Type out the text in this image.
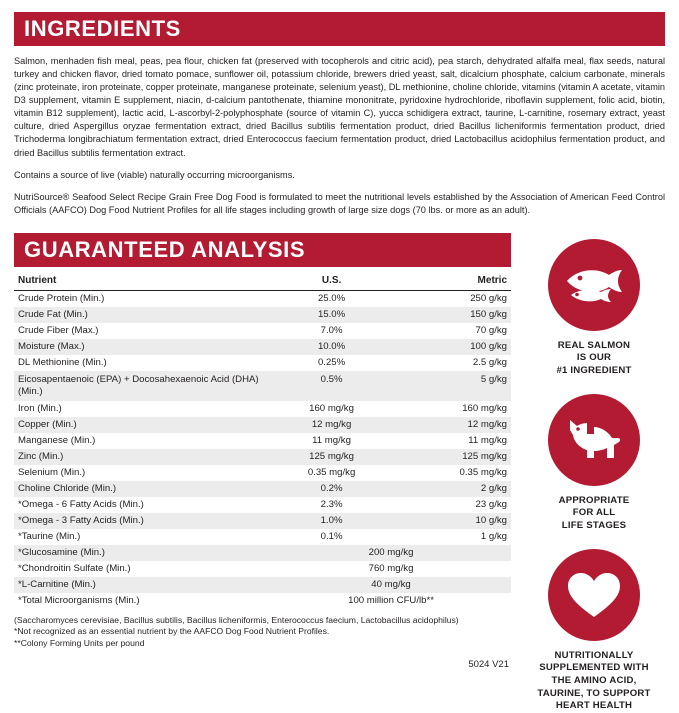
INGREDIENTS

Salmon, menhaden fish meal, peas, pea flour, chicken fat (preserved with tocopherols and citric acid), pea starch, dehydrated alfalfa meal, flax seeds, natural turkey and chicken flavor, dried tomato pomace, sunflower oil, potassium chloride, brewers dried yeast, salt, dicalcium phosphate, calcium carbonate, minerals (zinc proteinate, iron proteinate, copper proteinate, manganese proteinate, selenium yeast), DL methionine, choline chloride, vitamins (vitamin A acetate, vitamin D3 supplement, vitamin E supplement, niacin, d-calcium pantothenate, thiamine mononitrate, pyridoxine hydrochloride, riboflavin supplement, folic acid, biotin, vitamin B12 supplement), lactic acid, L-ascorbyl-2-polyphosphate (source of vitamin C), yucca schidigera extract, taurine, L-carnitine, rosemary extract, yeast culture, dried Aspergillus oryzae fermentation extract, dried Bacillus subtilis fermentation product, dried Bacillus licheniformis fermentation product, dried Trichoderma longibrachiatum fermentation extract, dried Enterococcus faecium fermentation product, dried Lactobacillus acidophilus fermentation product, and dried Bacillus subtilis fermentation extract.

Contains a source of live (viable) naturally occurring microorganisms.

NutriSource® Seafood Select Recipe Grain Free Dog Food is formulated to meet the nutritional levels established by the Association of American Feed Control Officials (AAFCO) Dog Food Nutrient Profiles for all life stages including growth of large size dogs (70 lbs. or more as an adult).

GUARANTEED ANALYSIS
Nutrient	U.S.	Metric
Crude Protein (Min.)	25.0%	250 g/kg
Crude Fat (Min.)	15.0%	150 g/kg
Crude Fiber (Max.)	7.0%	70 g/kg
Moisture (Max.)	10.0%	100 g/kg
DL Methionine (Min.)	0.25%	2.5 g/kg
Eicosapentaenoic (EPA) + Docosahexaenoic Acid (DHA) (Min.)	0.5%	5 g/kg
Iron (Min.)	160 mg/kg	160 mg/kg
Copper (Min.)	12 mg/kg	12 mg/kg
Manganese (Min.)	11 mg/kg	11 mg/kg
Zinc (Min.)	125 mg/kg	125 mg/kg
Selenium (Min.)	0.35 mg/kg	0.35 mg/kg
Choline Chloride (Min.)	0.2%	2 g/kg
*Omega - 6 Fatty Acids (Min.)	2.3%	23 g/kg
*Omega - 3 Fatty Acids (Min.)	1.0%	10 g/kg
*Taurine (Min.)	0.1%	1 g/kg
*Glucosamine (Min.)	200 mg/kg	
*Chondroitin Sulfate (Min.)	760 mg/kg	
*L-Carnitine (Min.)	40 mg/kg	
*Total Microorganisms (Min.)	100 million CFU/lb**	

(Saccharomyces cerevisiae, Bacillus subtilis, Bacillus licheniformis, Enterococcus faecium, Lactobacillus acidophilus)

*Not recognized as an essential nutrient by the AAFCO Dog Food Nutrient Profiles.

**Colony Forming Units per pound

5024 V21
REAL SALMON
IS OUR
#1 INGREDIENT
APPROPRIATE
FOR ALL
LIFE STAGES
NUTRITIONALLY
SUPPLEMENTED WITH
THE AMINO ACID,
TAURINE, TO SUPPORT
HEART HEALTH
